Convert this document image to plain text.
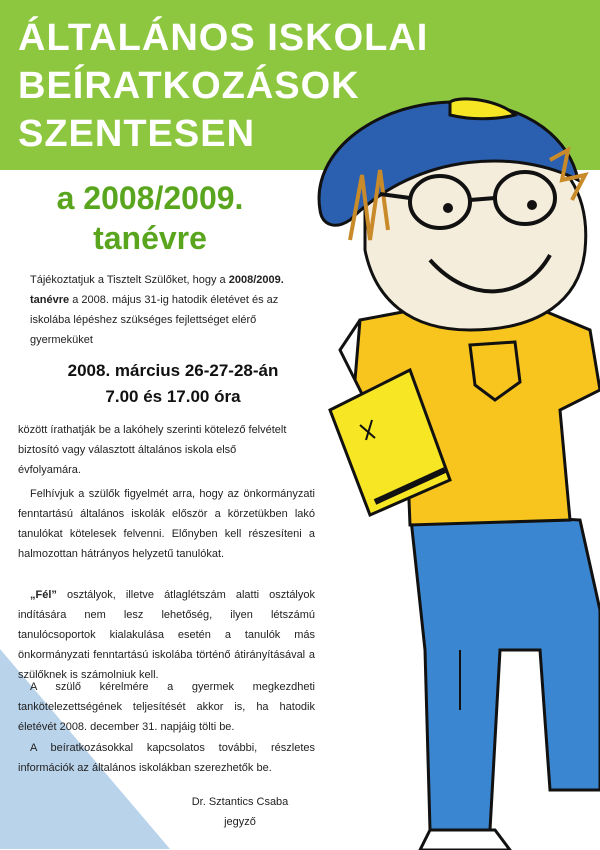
ÁLTALÁNOS ISKOLAI
BEÍRATKOZÁSOK
SZENTESEN
a 2008/2009.
tanévre
Tájékoztatjuk a Tisztelt Szülőket, hogy a 2008/2009. tanévre a 2008. május 31-ig hatodik életévet és az iskolába lépéshez szükséges fejlettséget elérő gyermeküket
2008. március 26-27-28-án
7.00 és 17.00 óra
között írathatják be a lakóhely szerinti kötelező felvételt biztosító vagy választott általános iskola első évfolyamára.
Felhívjuk a szülők figyelmét arra, hogy az önkormányzati fenntartású általános iskolák először a körzetükben lakó tanulókat kötelesek felvenni. Előnyben kell részesíteni a halmozottan hátrányos helyzetű tanulókat.
„Fél” osztályok, illetve átlaglétszám alatti osztályok indítására nem lesz lehetőség, ilyen létszámú tanulócsoportok kialakulása esetén a tanulók más önkormányzati fenntartású iskolába történő átirányításával a szülőknek is számolniuk kell.
A szülő kérelmére a gyermek megkezdheti tankötelezettségének teljesítését akkor is, ha hatodik életévét 2008. december 31. napjáig tölti be.
A beíratkozásokkal kapcsolatos további, részletes információk az általános iskolákban szerezhetők be.
Dr. Sztantics Csaba
jegyző
